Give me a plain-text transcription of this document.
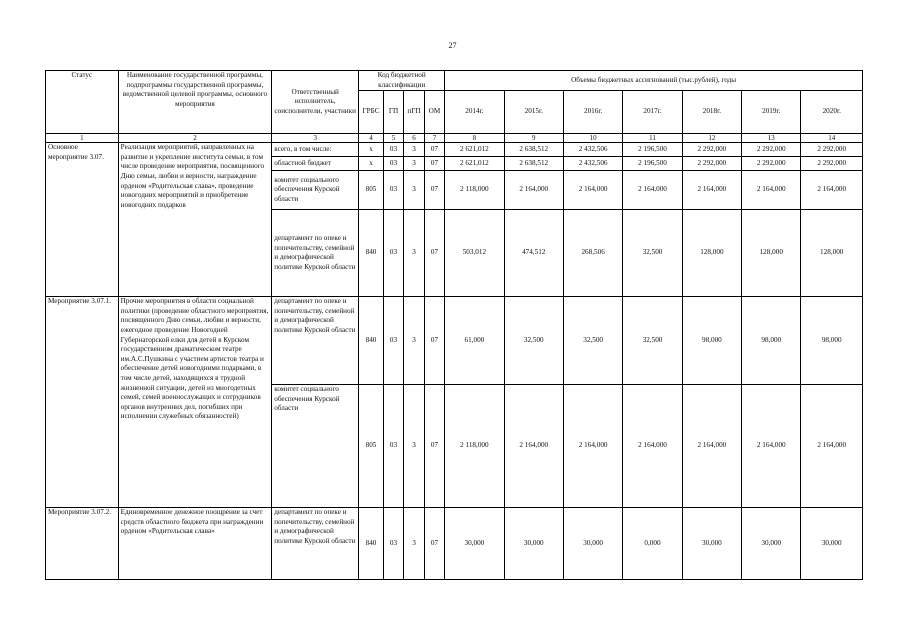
27
Статус	Наименование государственной программы, подпрограммы государственной программы, ведомственной целевой программы, основного мероприятия	Ответственный исполнитель, соисполнители, участники	Код бюджетной классификации				Объемы бюджетных ассигнований (тыс.рублей), годы						
			ГРБС	ГП	пГП	ОМ	2014г.	2015г.	2016г.	2017г.	2018г.	2019г.	2020г.
1	2	3	4	5	6	7	8	9	10	11	12	13	14
Основное мероприятие 3.07.	Реализация мероприятий, направленных на развитие и укрепление института семьи, в том числе проведение мероприятия, посвященного Дню семьи, любви и верности, награждение орденом «Родительская слава», проведение новогодних мероприятий и приобретение новогодних подарков	всего, в том числе:	х	03	3	07	2 621,012	2 638,512	2 432,506	2 196,500	2 292,000	2 292,000	2 292,000
		областной бюджет	х	03	3	07	2 621,012	2 638,512	2 432,506	2 196,500	2 292,000	2 292,000	2 292,000
		комитет социального обеспечения Курской области	805	03	3	07	2 118,000	2 164,000	2 164,000	2 164,000	2 164,000	2 164,000	2 164,000
		департамент по опеке и попечительству, семейной и демографической политике Курской области	840	03	3	07	503,012	474,512	268,506	32,500	128,000	128,000	128,000
Мероприятие 3.07.1.	Прочие мероприятия в области социальной политики (проведение областного мероприятия, посвященного Дню семьи, любви и верности, ежегодное проведение Новогодней Губернаторской елки для детей в Курском государственном драматическом театре им.А.С.Пушкина с участием артистов театра и обеспечение детей новогодними подарками, в том числе детей, находящихся в трудной жизненной ситуации, детей из многодетных семей, семей военнослужащих и сотрудников органов внутренних дел, погибших при исполнении служебных обязанностей)	департамент по опеке и попечительству, семейной и демографической политике Курской области	840	03	3	07	61,000	32,500	32,500	32,500	98,000	98,000	98,000
		комитет социального обеспечения Курской области	805	03	3	07	2 118,000	2 164,000	2 164,000	2 164,000	2 164,000	2 164,000	2 164,000
Мероприятие 3.07.2.	Единовременное денежное поощрение за счет средств областного бюджета при награждении орденом «Родительская слава»	департамент по опеке и попечительству, семейной и демографической политике Курской области	840	03	3	07	30,000	30,000	30,000	0,000	30,000	30,000	30,000
